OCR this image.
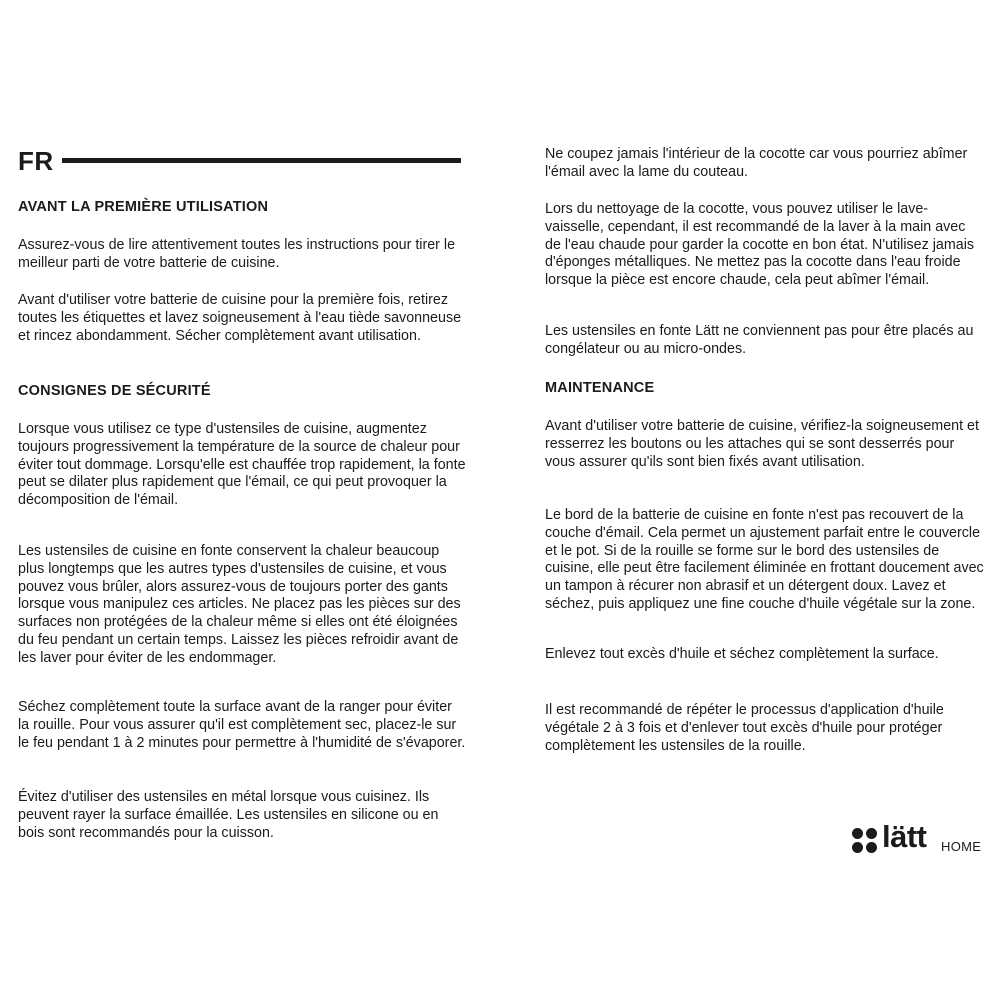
FR
AVANT LA PREMIÈRE UTILISATION

Assurez-vous de lire attentivement toutes les instructions pour tirer le meilleur parti de votre batterie de cuisine.

Avant d'utiliser votre batterie de cuisine pour la première fois, retirez toutes les étiquettes et lavez soigneusement à l'eau tiède savonneuse et rincez abondamment. Sécher complètement avant utilisation.

CONSIGNES DE SÉCURITÉ

Lorsque vous utilisez ce type d'ustensiles de cuisine, augmentez toujours progressivement la température de la source de chaleur pour éviter tout dommage. Lorsqu'elle est chauffée trop rapidement, la fonte peut se dilater plus rapidement que l'émail, ce qui peut provoquer la décomposition de l'émail.

Les ustensiles de cuisine en fonte conservent la chaleur beaucoup plus longtemps que les autres types d'ustensiles de cuisine, et vous pouvez vous brûler, alors assurez-vous de toujours porter des gants lorsque vous manipulez ces articles. Ne placez pas les pièces sur des surfaces non protégées de la chaleur même si elles ont été éloignées du feu pendant un certain temps. Laissez les pièces refroidir avant de les laver pour éviter de les endommager.

Séchez complètement toute la surface avant de la ranger pour éviter la rouille. Pour vous assurer qu'il est complètement sec, placez-le sur le feu pendant 1 à 2 minutes pour permettre à l'humidité de s'évaporer.

Évitez d'utiliser des ustensiles en métal lorsque vous cuisinez. Ils peuvent rayer la surface émaillée. Les ustensiles en silicone ou en bois sont recommandés pour la cuisson.

Ne coupez jamais l'intérieur de la cocotte car vous pourriez abîmer l'émail avec la lame du couteau.

Lors du nettoyage de la cocotte, vous pouvez utiliser le lave-vaisselle, cependant, il est recommandé de la laver à la main avec de l'eau chaude pour garder la cocotte en bon état. N'utilisez jamais d'éponges métalliques. Ne mettez pas la cocotte dans l'eau froide lorsque la pièce est encore chaude, cela peut abîmer l'émail.

Les ustensiles en fonte Lätt ne conviennent pas pour être placés au congélateur ou au micro-ondes.

MAINTENANCE

Avant d'utiliser votre batterie de cuisine, vérifiez-la soigneusement et resserrez les boutons ou les attaches qui se sont desserrés pour vous assurer qu'ils sont bien fixés avant utilisation.

Le bord de la batterie de cuisine en fonte n'est pas recouvert de la couche d'émail. Cela permet un ajustement parfait entre le couvercle et le pot. Si de la rouille se forme sur le bord des ustensiles de cuisine, elle peut être facilement éliminée en frottant doucement avec un tampon à récurer non abrasif et un détergent doux. Lavez et séchez, puis appliquez une fine couche d'huile végétale sur la zone.

Enlevez tout excès d'huile et séchez complètement la surface.

Il est recommandé de répéter le processus d'application d'huile végétale 2 à 3 fois et d'enlever tout excès d'huile pour protéger complètement les ustensiles de la rouille.

lätt HOME
